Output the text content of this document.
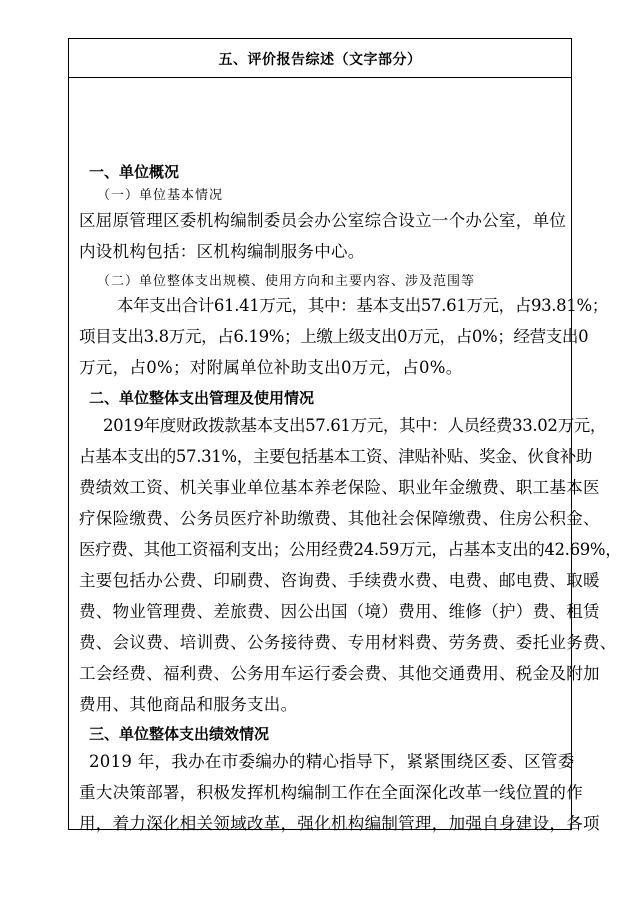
五、评价报告综述（文字部分）
一、单位概况
（一）单位基本情况
区屈原管理区委机构编制委员会办公室综合设立一个办公室，单位
内设机构包括：区机构编制服务中心。
（二）单位整体支出规模、使用方向和主要内容、涉及范围等
本年支出合计61.41万元，其中：基本支出57.61万元，占93.81%；
项目支出3.8万元，占6.19%；上缴上级支出0万元，占0%；经营支出0
万元，占0%；对附属单位补助支出0万元，占0%。
二、单位整体支出管理及使用情况
2019年度财政拨款基本支出57.61万元，其中：人员经费33.02万元，
占基本支出的57.31%，主要包括基本工资、津贴补贴、奖金、伙食补助
费绩效工资、机关事业单位基本养老保险、职业年金缴费、职工基本医
疗保险缴费、公务员医疗补助缴费、其他社会保障缴费、住房公积金、
医疗费、其他工资福利支出；公用经费24.59万元，占基本支出的42.69%，
主要包括办公费、印刷费、咨询费、手续费水费、电费、邮电费、取暖
费、物业管理费、差旅费、因公出国（境）费用、维修（护）费、租赁
费、会议费、培训费、公务接待费、专用材料费、劳务费、委托业务费、
工会经费、福利费、公务用车运行委会费、其他交通费用、税金及附加
费用、其他商品和服务支出。
三、单位整体支出绩效情况
2019 年，我办在市委编办的精心指导下，紧紧围绕区委、区管委
重大决策部署，积极发挥机构编制工作在全面深化改革一线位置的作
用，着力深化相关领域改革，强化机构编制管理，加强自身建设，各项
